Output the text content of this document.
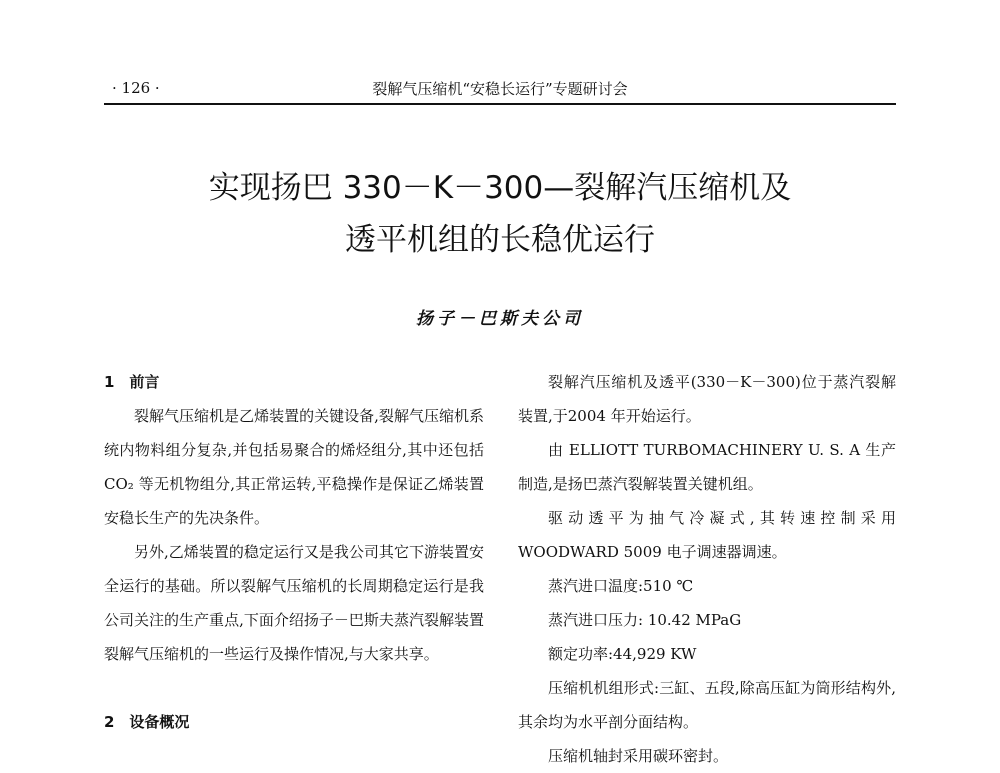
· 126 ·	裂解气压缩机“安稳长运行”专题研讨会
实现扬巴 330－K－300—裂解汽压缩机及
透平机组的长稳优运行
扬子－巴斯夫公司
1　前言

裂解气压缩机是乙烯装置的关键设备,裂解气压缩机系统内物料组分复杂,并包括易聚合的烯烃组分,其中还包括 CO₂ 等无机物组分,其正常运转,平稳操作是保证乙烯装置安稳长生产的先决条件。

另外,乙烯装置的稳定运行又是我公司其它下游装置安全运行的基础。所以裂解气压缩机的长周期稳定运行是我公司关注的生产重点,下面介绍扬子－巴斯夫蒸汽裂解装置裂解气压缩机的一些运行及操作情况,与大家共享。

2　设备概况

裂解汽压缩机及透平(330－K－300)位于蒸汽裂解装置,于2004 年开始运行。

由 ELLIOTT TURBOMACHINERY U. S. A 生产制造,是扬巴蒸汽裂解装置关键机组。

驱动透平为抽气冷凝式,其转速控制采用 WOODWARD 5009 电子调速器调速。

蒸汽进口温度:510 ℃

蒸汽进口压力: 10.42 MPaG

额定功率:44,929 KW

压缩机机组形式:三缸、五段,除高压缸为筒形结构外,其余均为水平剖分面结构。

压缩机轴封采用碳环密封。
